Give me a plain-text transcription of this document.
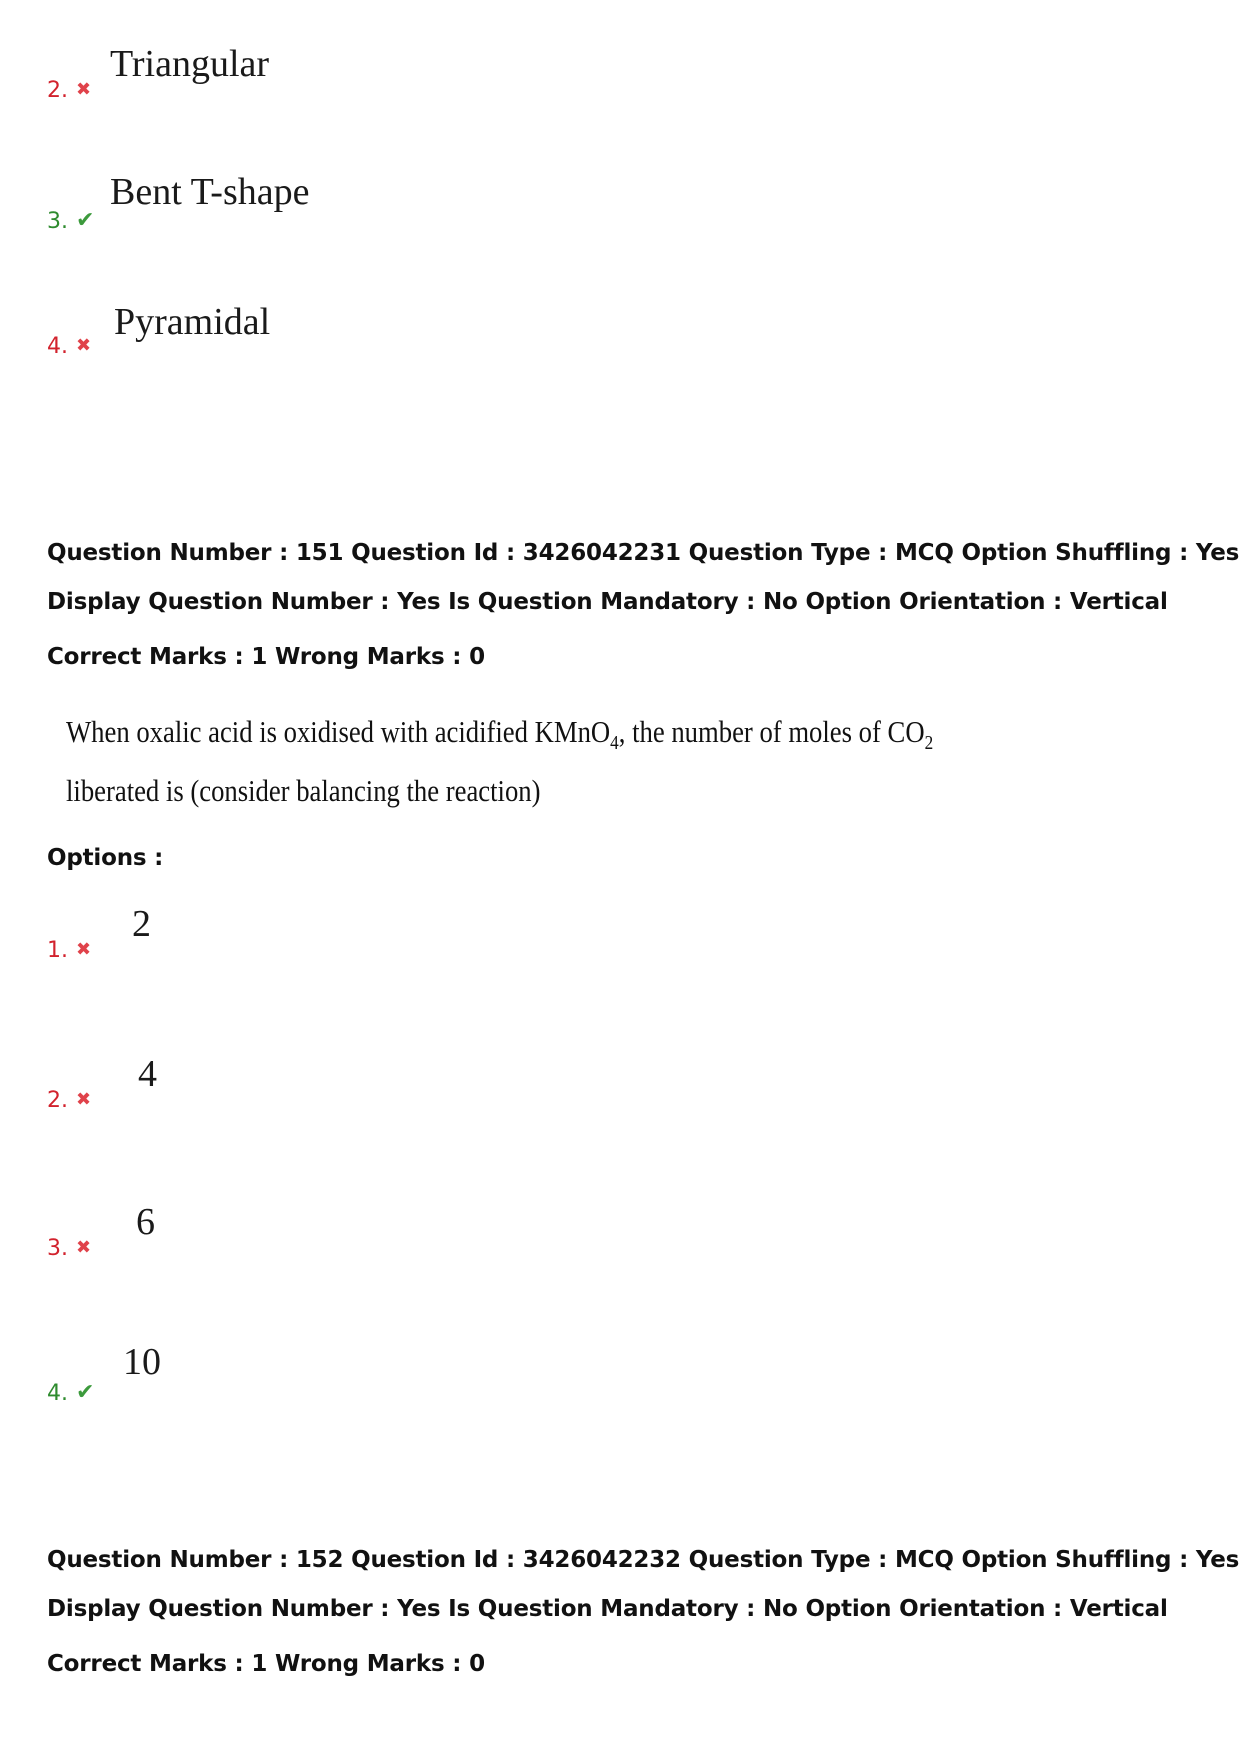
2. ✖
Triangular
3. ✔
Bent T-shape
4. ✖
Pyramidal
Question Number : 151 Question Id : 3426042231 Question Type : MCQ Option Shuffling : Yes
Display Question Number : Yes Is Question Mandatory : No Option Orientation : Vertical
Correct Marks : 1 Wrong Marks : 0
When oxalic acid is oxidised with acidified KMnO$_4$, the number of moles of $CO_2$
liberated is (consider balancing the reaction)
Options :
1. ✖
2
2. ✖
4
3. ✖
6
4. ✔
10
Question Number : 152 Question Id : 3426042232 Question Type : MCQ Option Shuffling : Yes
Display Question Number : Yes Is Question Mandatory : No Option Orientation : Vertical
Correct Marks : 1 Wrong Marks : 0
